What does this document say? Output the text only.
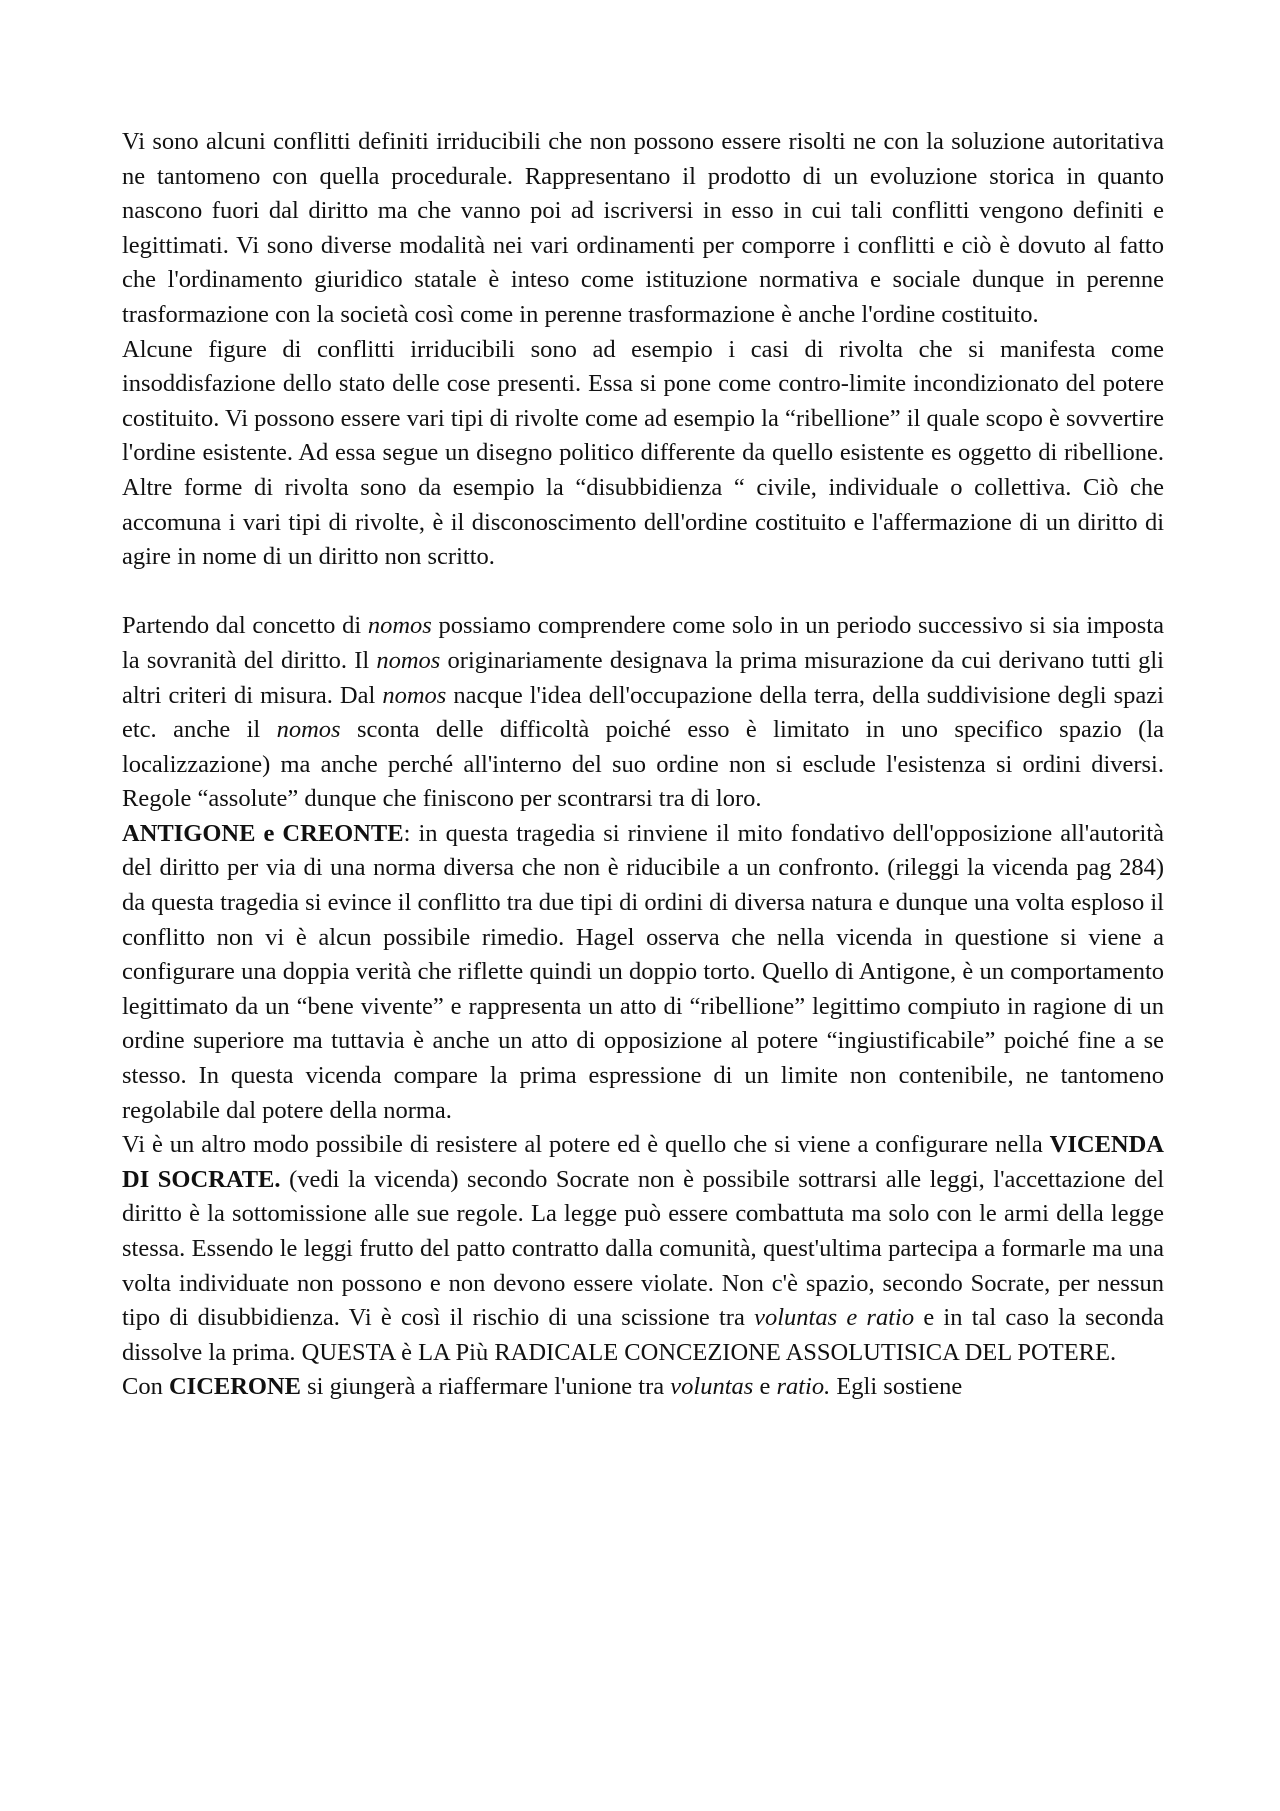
Vi sono alcuni conflitti definiti irriducibili che non possono essere risolti ne con la soluzione autoritativa ne tantomeno con quella procedurale. Rappresentano il prodotto di un evoluzione storica in quanto nascono fuori dal diritto ma che vanno poi ad iscriversi in esso in cui tali conflitti vengono definiti e legittimati. Vi sono diverse modalità nei vari ordinamenti per comporre i conflitti e ciò è dovuto al fatto che l'ordinamento giuridico statale è inteso come istituzione normativa e sociale dunque in perenne trasformazione con la società così come in perenne trasformazione è anche l'ordine costituito.

Alcune figure di conflitti irriducibili sono ad esempio i casi di rivolta che si manifesta come insoddisfazione dello stato delle cose presenti. Essa si pone come contro-limite incondizionato del potere costituito. Vi possono essere vari tipi di rivolte come ad esempio la “ribellione” il quale scopo è sovvertire l'ordine esistente. Ad essa segue un disegno politico differente da quello esistente es oggetto di ribellione. Altre forme di rivolta sono da esempio la “disubbidienza “ civile, individuale o collettiva. Ciò che accomuna i vari tipi di rivolte, è il disconoscimento dell'ordine costituito e l'affermazione di un diritto di agire in nome di un diritto non scritto.

Partendo dal concetto di nomos possiamo comprendere come solo in un periodo successivo si sia imposta la sovranità del diritto. Il nomos originariamente designava la prima misurazione da cui derivano tutti gli altri criteri di misura. Dal nomos nacque l'idea dell'occupazione della terra, della suddivisione degli spazi etc. anche il nomos sconta delle difficoltà poiché esso è limitato in uno specifico spazio (la localizzazione) ma anche perché all'interno del suo ordine non si esclude l'esistenza si ordini diversi. Regole “assolute” dunque che finiscono per scontrarsi tra di loro.

ANTIGONE e CREONTE: in questa tragedia si rinviene il mito fondativo dell'opposizione all'autorità del diritto per via di una norma diversa che non è riducibile a un confronto. (rileggi la vicenda pag 284) da questa tragedia si evince il conflitto tra due tipi di ordini di diversa natura e dunque una volta esploso il conflitto non vi è alcun possibile rimedio. Hagel osserva che nella vicenda in questione si viene a configurare una doppia verità che riflette quindi un doppio torto. Quello di Antigone, è un comportamento legittimato da un “bene vivente” e rappresenta un atto di “ribellione” legittimo compiuto in ragione di un ordine superiore ma tuttavia è anche un atto di opposizione al potere “ingiustificabile” poiché fine a se stesso. In questa vicenda compare la prima espressione di un limite non contenibile, ne tantomeno regolabile dal potere della norma.

Vi è un altro modo possibile di resistere al potere ed è quello che si viene a configurare nella VICENDA DI SOCRATE. (vedi la vicenda) secondo Socrate non è possibile sottrarsi alle leggi, l'accettazione del diritto è la sottomissione alle sue regole. La legge può essere combattuta ma solo con le armi della legge stessa. Essendo le leggi frutto del patto contratto dalla comunità, quest'ultima partecipa a formarle ma una volta individuate non possono e non devono essere violate. Non c'è spazio, secondo Socrate, per nessun tipo di disubbidienza. Vi è così il rischio di una scissione tra voluntas e ratio e in tal caso la seconda dissolve la prima. QUESTA è LA Più RADICALE CONCEZIONE ASSOLUTISICA DEL POTERE.

Con CICERONE si giungerà a riaffermare l'unione tra voluntas e ratio. Egli sostiene
